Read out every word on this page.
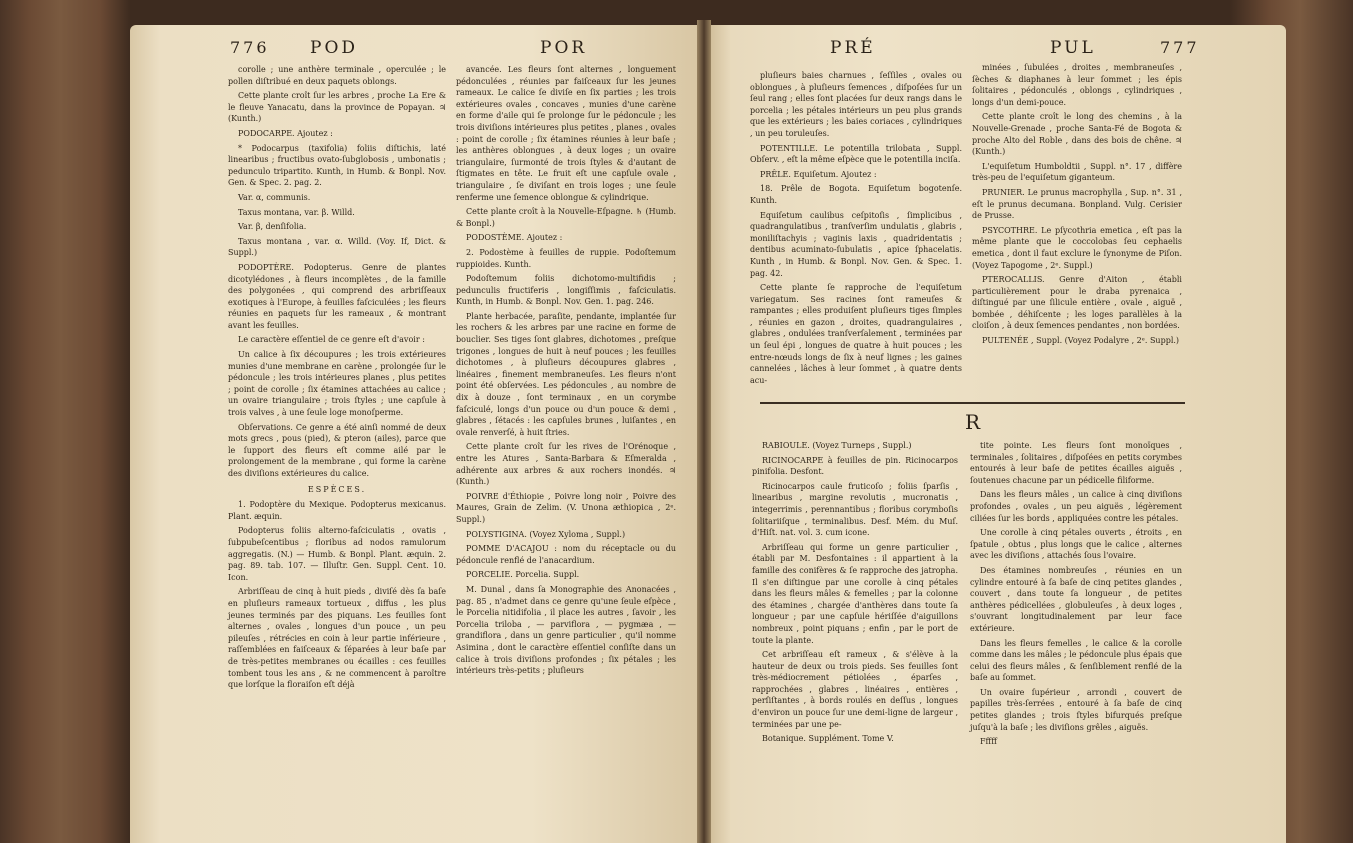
776 POD	POR	PRÉ	PUL	777

corolle ; une anthère terminale , operculée ; le pollen diſtribué en deux paquets oblongs.

Cette plante croît ſur les arbres , proche La Ere & le fleuve Yanacatu, dans la province de Popayan. ♃ (Kunth.)

PODOCARPE. Ajoutez :

* Podocarpus (taxifolia) foliis diſtichis, laté linearibus ; fructibus ovato-ſubglobosis , umbonatis ; pedunculo tripartito. Kunth, in Humb. & Bonpl. Nov. Gen. & Spec. 2. pag. 2.

Var. α, communis.

Taxus montana, var. β. Willd.

Var. β, denſifolia.

Taxus montana , var. α. Willd. (Voy. If, Dict. & Suppl.)

PODOPTÈRE. Podopterus. Genre de plantes dicotylédones , à fleurs incomplètes , de la famille des polygonées , qui comprend des arbriſſeaux exotiques à l'Europe, à feuilles faſciculées ; les fleurs réunies en paquets ſur les rameaux , & montrant avant les feuilles.

Le caractère eſſentiel de ce genre eſt d'avoir :

Un calice à ſix découpures ; les trois extérieures munies d'une membrane en carène , prolongée ſur le pédoncule ; les trois intérieures planes , plus petites ; point de corolle ; ſix étamines attachées au calice ; un ovaire triangulaire ; trois ſtyles ; une capſule à trois valves , à une ſeule loge monoſperme.

Obſervations. Ce genre a été ainſi nommé de deux mots grecs , pous (pied), & pteron (ailes), parce que le ſupport des fleurs eſt comme ailé par le prolongement de la membrane , qui forme la carène des diviſions extérieures du calice.

ESPÈCES.

1. Podoptère du Mexique. Podopterus mexicanus. Plant. æquin.

Podopterus foliis alterno-faſciculatis , ovatis , ſubpubeſcentibus ; floribus ad nodos ramulorum aggregatis. (N.) — Humb. & Bonpl. Plant. æquin. 2. pag. 89. tab. 107. — Illuſtr. Gen. Suppl. Cent. 10. Icon.

Arbriſſeau de cinq à huit pieds , diviſé dès ſa baſe en pluſieurs rameaux tortueux , diffus , les plus jeunes terminés par des piquans. Les feuilles ſont alternes , ovales , longues d'un pouce , un peu pileuſes , rétrécies en coin à leur partie inférieure , raſſemblées en faiſceaux & ſéparées à leur baſe par de très-petites membranes ou écailles : ces feuilles tombent tous les ans , & ne commencent à paroître que lorſque la floraiſon eſt déjà

avancée. Les fleurs ſont alternes , longuement pédonculées , réunies par faiſceaux ſur les jeunes rameaux. Le calice ſe diviſe en ſix parties ; les trois extérieures ovales , concaves , munies d'une carène en forme d'aile qui ſe prolonge ſur le pédoncule ; les trois diviſions intérieures plus petites , planes , ovales : point de corolle ; ſix étamines réunies à leur baſe ; les anthères oblongues , à deux loges ; un ovaire triangulaire, ſurmonté de trois ſtyles & d'autant de ſtigmates en tête. Le fruit eſt une capſule ovale , triangulaire , ſe diviſant en trois loges ; une ſeule renferme une ſemence oblongue & cylindrique.

Cette plante croît à la Nouvelle-Eſpagne. ♄ (Humb. & Bonpl.)

PODOSTÈME. Ajoutez :

2. Podostème à feuilles de ruppie. Podoſtemum ruppioides. Kunth.

Podoſtemum foliis dichotomo-multifidis ; pedunculis fructiferis , longiſſimis , faſciculatis. Kunth, in Humb. & Bonpl. Nov. Gen. 1. pag. 246.

Plante herbacée, paraſite, pendante, implantée ſur les rochers & les arbres par une racine en forme de bouclier. Ses tiges ſont glabres, dichotomes , preſque trigones , longues de huit à neuf pouces ; les feuilles dichotomes , à pluſieurs découpures glabres , linéaires , finement membraneuſes. Les fleurs n'ont point été obſervées. Les pédoncules , au nombre de dix à douze , ſont terminaux , en un corymbe faſciculé, longs d'un pouce ou d'un pouce & demi , glabres , ſétacés : les capſules brunes , luiſantes , en ovale renverſé, à huit ſtries.

Cette plante croît ſur les rives de l'Orénoque , entre les Atures , Santa-Barbara & Eſmeralda , adhérente aux arbres & aux rochers inondés. ♃ (Kunth.)

POIVRE d'Éthiopie , Poivre long noir , Poivre des Maures, Grain de Zelim. (V. Unona æthiopica , 2ᵉ. Suppl.)

POLYSTIGINA. (Voyez Xyloma , Suppl.)

POMME D'ACAJOU : nom du réceptacle ou du pédoncule renflé de l'anacardium.

PORCELIE. Porcelia. Suppl.

M. Dunal , dans ſa Monographie des Anonacées , pag. 85 , n'admet dans ce genre qu'une ſeule eſpèce , le Porcelia nitidifolia , il place les autres , ſavoir , les Porcelia triloba , — parviflora , — pygmæa , — grandiflora , dans un genre particulier , qu'il nomme Asimina , dont le caractère eſſentiel conſiſte dans un calice à trois diviſions profondes ; ſix pétales ; les intérieurs très-petits ; pluſieurs

pluſieurs baies charnues , ſeſſiles , ovales ou oblongues , à pluſieurs ſemences , diſpoſées ſur un ſeul rang ; elles ſont placées ſur deux rangs dans le porcelia ; les pétales intérieurs un peu plus grands que les extérieurs ; les baies coriaces , cylindriques , un peu toruleuſes.

POTENTILLE. Le potentilla trilobata , Suppl. Obſerv. , eſt la même eſpèce que le potentilla inciſa.

PRÊLE. Equiſetum. Ajoutez :

18. Prêle de Bogota. Equiſetum bogotenſe. Kunth.

Equiſetum caulibus ceſpitoſis , ſimplicibus , quadrangulatibus , tranſverſim undulatis , glabris , moniliſtachyis ; vaginis laxis , quadridentatis ; dentibus acuminato-ſubulatis , apice ſphacelatis. Kunth , in Humb. & Bonpl. Nov. Gen. & Spec. 1. pag. 42.

Cette plante ſe rapproche de l'equiſetum variegatum. Ses racines ſont rameuſes & rampantes ; elles produiſent pluſieurs tiges ſimples , réunies en gazon , droites, quadrangulaires , glabres , ondulées tranſverſalement , terminées par un ſeul épi , longues de quatre à huit pouces ; les entre-nœuds longs de ſix à neuf lignes ; les gaines cannelées , lâches à leur ſommet , à quatre dents acu-

minées , ſubulées , droites , membraneuſes , ſèches & diaphanes à leur ſommet ; les épis ſolitaires , pédonculés , oblongs , cylindriques , longs d'un demi-pouce.

Cette plante croît le long des chemins , à la Nouvelle-Grenade , proche Santa-Fé de Bogota & proche Alto del Roble , dans des bois de chêne. ♃ (Kunth.)

L'equiſetum Humboldtii , Suppl. n°. 17 , diffère très-peu de l'equiſetum giganteum.

PRUNIER. Le prunus macrophylla , Sup. n°. 31 , eſt le prunus decumana. Bonpland. Vulg. Cerisier de Prusse.

PSYCOTHRE. Le pſycothria emetica , eſt pas la même plante que le coccolobas ſeu cephaelis emetica , dont il faut exclure le ſynonyme de Piſon. (Voyez Tapogome , 2ᵉ. Suppl.)

PTEROCALLIS. Genre d'Aiton , établi particulièrement pour le draba pyrenaica , diſtingué par une ſilicule entière , ovale , aiguë , bombée , déhiſcente ; les loges parallèles à la cloiſon , à deux ſemences pendantes , non bordées.

PULTENÉE , Suppl. (Voyez Podalyre , 2ᵉ. Suppl.)

R

RABIOULE. (Voyez Turneps , Suppl.)

RICINOCARPE à feuilles de pin. Ricinocarpos pinifolia. Desfont.

Ricinocarpos caule fruticoſo ; foliis ſparſis , linearibus , margine revolutis , mucronatis , integerrimis , perennantibus ; floribus corymboſis ſolitariiſque , terminalibus. Desf. Mém. du Muſ. d'Hiſt. nat. vol. 3. cum icone.

Arbriſſeau qui forme un genre particulier , établi par M. Desfontaines : il appartient à la famille des conifères & ſe rapproche des jatropha. Il s'en diſtingue par une corolle à cinq pétales dans les fleurs mâles & femelles ; par la colonne des étamines , chargée d'anthères dans toute ſa longueur ; par une capſule hériſſée d'aiguillons nombreux , point piquans ; enfin , par le port de toute la plante.

Cet arbriſſeau eſt rameux , & s'élève à la hauteur de deux ou trois pieds. Ses feuilles ſont très-médiocrement pétiolées , éparſes , rapprochées , glabres , linéaires , entières , perſiſtantes , à bords roulés en deſſus , longues d'environ un pouce ſur une demi-ligne de largeur , terminées par une pe-

Botanique. Supplément. Tome V.

tite pointe. Les fleurs ſont monoïques , terminales , ſolitaires , diſpoſées en petits corymbes entourés à leur baſe de petites écailles aiguës , ſoutenues chacune par un pédicelle filiforme.

Dans les fleurs mâles , un calice à cinq diviſions profondes , ovales , un peu aiguës , légèrement ciliées ſur les bords , appliquées contre les pétales.

Une corolle à cinq pétales ouverts , étroits , en ſpatule , obtus , plus longs que le calice , alternes avec les diviſions , attachés ſous l'ovaire.

Des étamines nombreuſes , réunies en un cylindre entouré à ſa baſe de cinq petites glandes , couvert , dans toute ſa longueur , de petites anthères pédicellées , globuleuſes , à deux loges , s'ouvrant longitudinalement par leur face extérieure.

Dans les fleurs femelles , le calice & la corolle comme dans les mâles ; le pédoncule plus épais que celui des fleurs mâles , & ſenſiblement renflé de la baſe au ſommet.

Un ovaire ſupérieur , arrondi , couvert de papilles très-ſerrées , entouré à ſa baſe de cinq petites glandes ; trois ſtyles bifurqués preſque juſqu'à la baſe ; les diviſions grêles , aiguës.

Fffff
